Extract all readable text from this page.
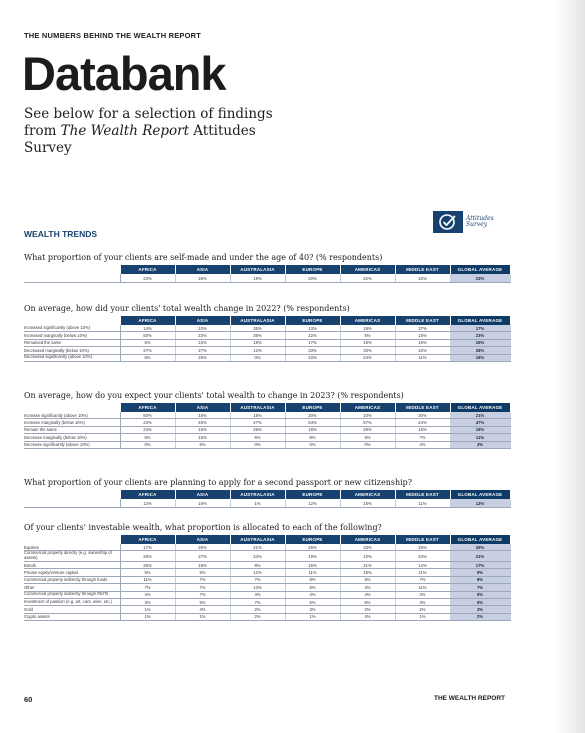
THE NUMBERS BEHIND THE WEALTH REPORT
Databank
See below for a selection of findings from The Wealth Report Attitudes Survey
WEALTH TRENDS
Attitudes
Survey
What proportion of your clients are self-made and under the age of 40? (% respondents)
	AFRICA	ASIA	AUSTRALASIA	EUROPE	AMERICAS	MIDDLE EAST	GLOBAL AVERAGE
	23%	26%	19%	20%	22%	22%	23%
On average, how did your clients' total wealth change in 2022? (% respondents)
	AFRICA	ASIA	AUSTRALASIA	EUROPE	AMERICAS	MIDDLE EAST	GLOBAL AVERAGE
Increased significantly (above 10%)	14%	10%	35%	13%	19%	37%	17%
Increased marginally (below 10%)	50%	23%	35%	22%	5%	15%	23%
Remained the same	5%	15%	18%	17%	19%	15%	16%
Decreased marginally (below 10%)	27%	27%	12%	33%	33%	22%	28%
Decreased significantly (above 10%)	5%	25%	0%	10%	24%	11%	16%
On average, how do you expect your clients' total wealth to change in 2023? (% respondents)
	AFRICA	ASIA	AUSTRALASIA	EUROPE	AMERICAS	MIDDLE EAST	GLOBAL AVERAGE
Increase significantly (above 10%)	50%	18%	18%	20%	10%	30%	21%
Increase marginally (below 10%)	23%	45%	47%	54%	57%	44%	47%
Remain the same	23%	15%	29%	18%	29%	15%	18%
Decrease marginally (below 10%)	5%	15%	6%	8%	5%	7%	11%
Decrease significantly (above 10%)	0%	6%	0%	0%	0%	4%	3%
What proportion of your clients are planning to apply for a second passport or new citizenship?
	AFRICA	ASIA	AUSTRALASIA	EUROPE	AMERICAS	MIDDLE EAST	GLOBAL AVERAGE
	12%	16%	1%	12%	15%	11%	13%
Of your clients' investable wealth, what proportion is allocated to each of the following?
	AFRICA	ASIA	AUSTRALASIA	EUROPE	AMERICAS	MIDDLE EAST	GLOBAL AVERAGE
Equities	17%	26%	21%	26%	33%	25%	26%
Commercial property directly (e.g. ownership of assets)	26%	27%	24%	19%	10%	24%	21%
Bonds	25%	18%	8%	15%	21%	14%	17%
Private equity/venture capital	5%	5%	12%	11%	15%	11%	9%
Commercial property indirectly through funds	11%	7%	7%	9%	5%	7%	8%
Other	7%	7%	13%	5%	3%	11%	7%
Commercial property indirectly through REITs	4%	7%	4%	4%	4%	2%	5%
Investment of passion (e.g. art, cars, wine, etc.)	3%	5%	7%	5%	6%	3%	5%
Gold	1%	4%	2%	3%	2%	2%	3%
Crypto assets	1%	1%	2%	1%	4%	1%	2%
60	THE WEALTH REPORT
